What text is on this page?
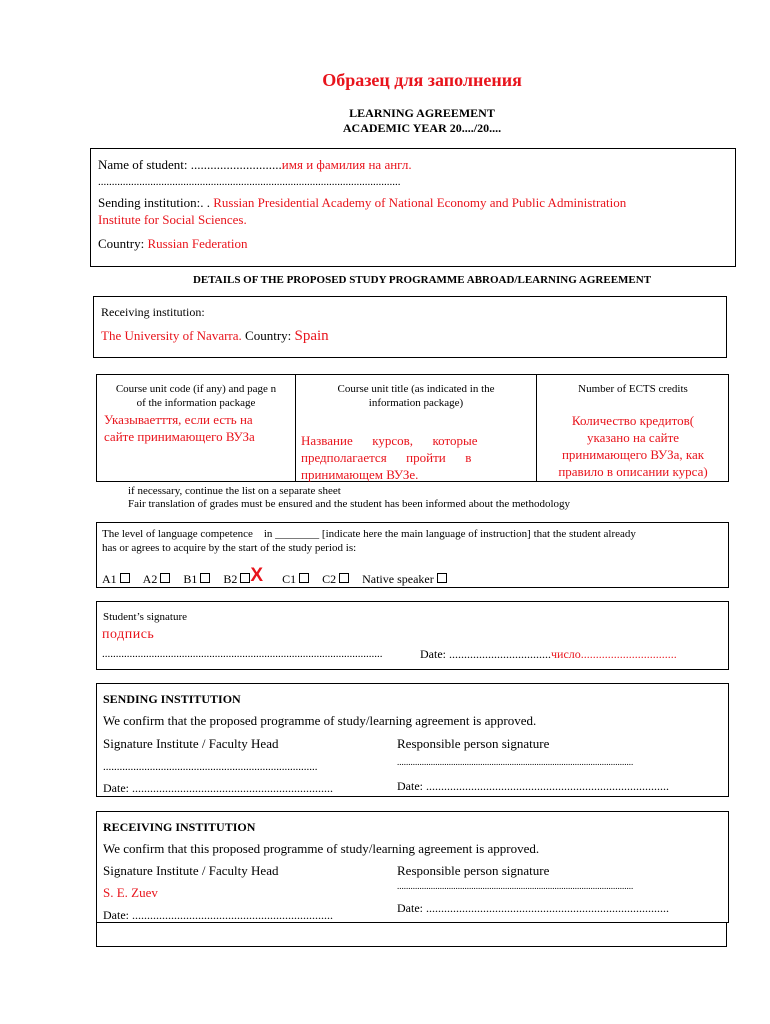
Образец для заполнения
LEARNING AGREEMENT
ACADEMIC YEAR 20..../20....
Name of student: ............................имя и фамилия на англ.
..............................................................................................................
Sending institution:. . Russian Presidential Academy of National Economy and Public Administration
Institute for Social Sciences.
Country: Russian Federation
DETAILS OF THE PROPOSED STUDY PROGRAMME ABROAD/LEARNING AGREEMENT
Receiving institution:
The University of Navarra. Country: Spain
Course unit code (if any) and page n
of the information package
Указываетття, если есть на
сайте принимающего ВУЗа
Course unit title (as indicated in the
information package)
Название      курсов,      которые
предполагается      пройти      в
принимающем ВУЗе.
Number of ECTS credits
Количество кредитов(
указано на сайте
принимающего ВУЗа, как
правило в описании курса)
if necessary, continue the list on a separate sheet
Fair translation of grades must be ensured and the student has been informed about the methodology
The level of language competence    in ________ [indicate here the main language of instruction] that the student already
has or agrees to acquire by the start of the study period is:
A1 A2 B1 B2 X C1 C2 Native speaker
Student’s signature
подпись
......................................................................................................	Date: ..................................число................................
SENDING INSTITUTION
We confirm that the proposed programme of study/learning agreement is approved.
Signature Institute / Faculty Head	Responsible person signature
..............................................................................	.........................................................................................................
Date: ...................................................................	Date: .................................................................................
RECEIVING INSTITUTION
We confirm that this proposed programme of study/learning agreement is approved.
Signature Institute / Faculty Head	Responsible person signature
S. E. Zuev	.........................................................................................................
Date: ...................................................................	Date: .................................................................................
